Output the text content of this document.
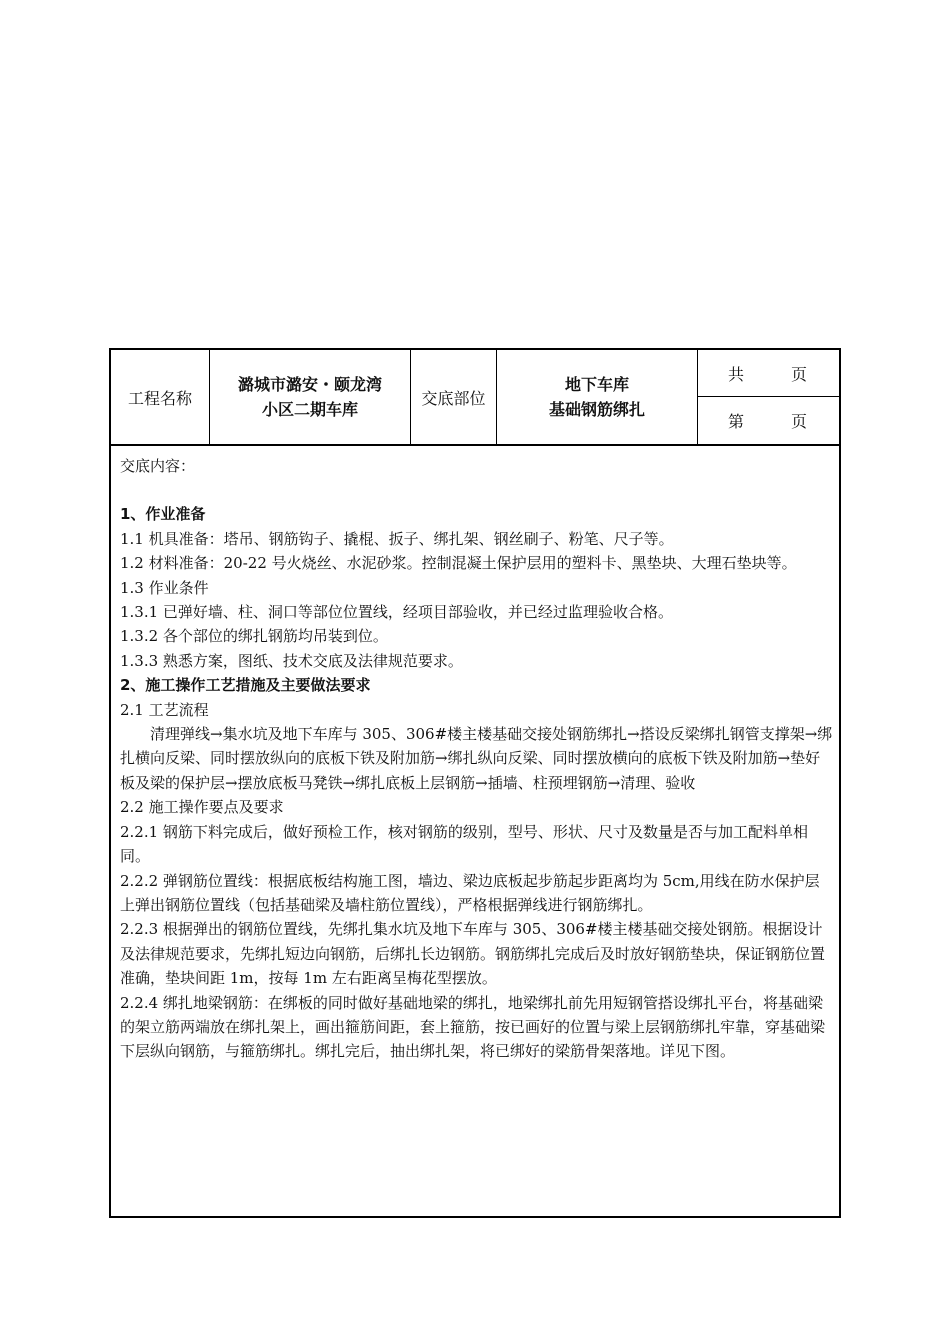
工程名称
潞城市潞安・颐龙湾
小区二期车库
交底部位
地下车库
基础钢筋绑扎
共	页
第	页

交底内容：

1、作业准备

1.1 机具准备：塔吊、钢筋钩子、撬棍、扳子、绑扎架、钢丝刷子、粉笔、尺子等。

1.2 材料准备：20-22 号火烧丝、水泥砂浆。控制混凝土保护层用的塑料卡、黑垫块、大理石垫块等。

1.3 作业条件

1.3.1 已弹好墙、柱、洞口等部位位置线，经项目部验收，并已经过监理验收合格。

1.3.2 各个部位的绑扎钢筋均吊装到位。

1.3.3 熟悉方案，图纸、技术交底及法律规范要求。

2、施工操作工艺措施及主要做法要求

2.1 工艺流程

清理弹线→集水坑及地下车库与 305、306#楼主楼基础交接处钢筋绑扎→搭设反梁绑扎钢管支撑架→绑扎横向反梁、同时摆放纵向的底板下铁及附加筋→绑扎纵向反梁、同时摆放横向的底板下铁及附加筋→垫好板及梁的保护层→摆放底板马凳铁→绑扎底板上层钢筋→插墙、柱预埋钢筋→清理、验收

2.2 施工操作要点及要求

2.2.1 钢筋下料完成后，做好预检工作，核对钢筋的级别，型号、形状、尺寸及数量是否与加工配料单相同。

2.2.2 弹钢筋位置线：根据底板结构施工图，墙边、梁边底板起步筋起步距离均为 5cm,用线在防水保护层上弹出钢筋位置线（包括基础梁及墙柱筋位置线），严格根据弹线进行钢筋绑扎。

2.2.3 根据弹出的钢筋位置线，先绑扎集水坑及地下车库与 305、306#楼主楼基础交接处钢筋。根据设计及法律规范要求，先绑扎短边向钢筋，后绑扎长边钢筋。钢筋绑扎完成后及时放好钢筋垫块，保证钢筋位置准确，垫块间距 1m，按每 1m 左右距离呈梅花型摆放。

2.2.4 绑扎地梁钢筋：在绑板的同时做好基础地梁的绑扎，地梁绑扎前先用短钢管搭设绑扎平台，将基础梁的架立筋两端放在绑扎架上，画出箍筋间距，套上箍筋，按已画好的位置与梁上层钢筋绑扎牢靠，穿基础梁下层纵向钢筋，与箍筋绑扎。绑扎完后，抽出绑扎架，将已绑好的梁筋骨架落地。详见下图。
